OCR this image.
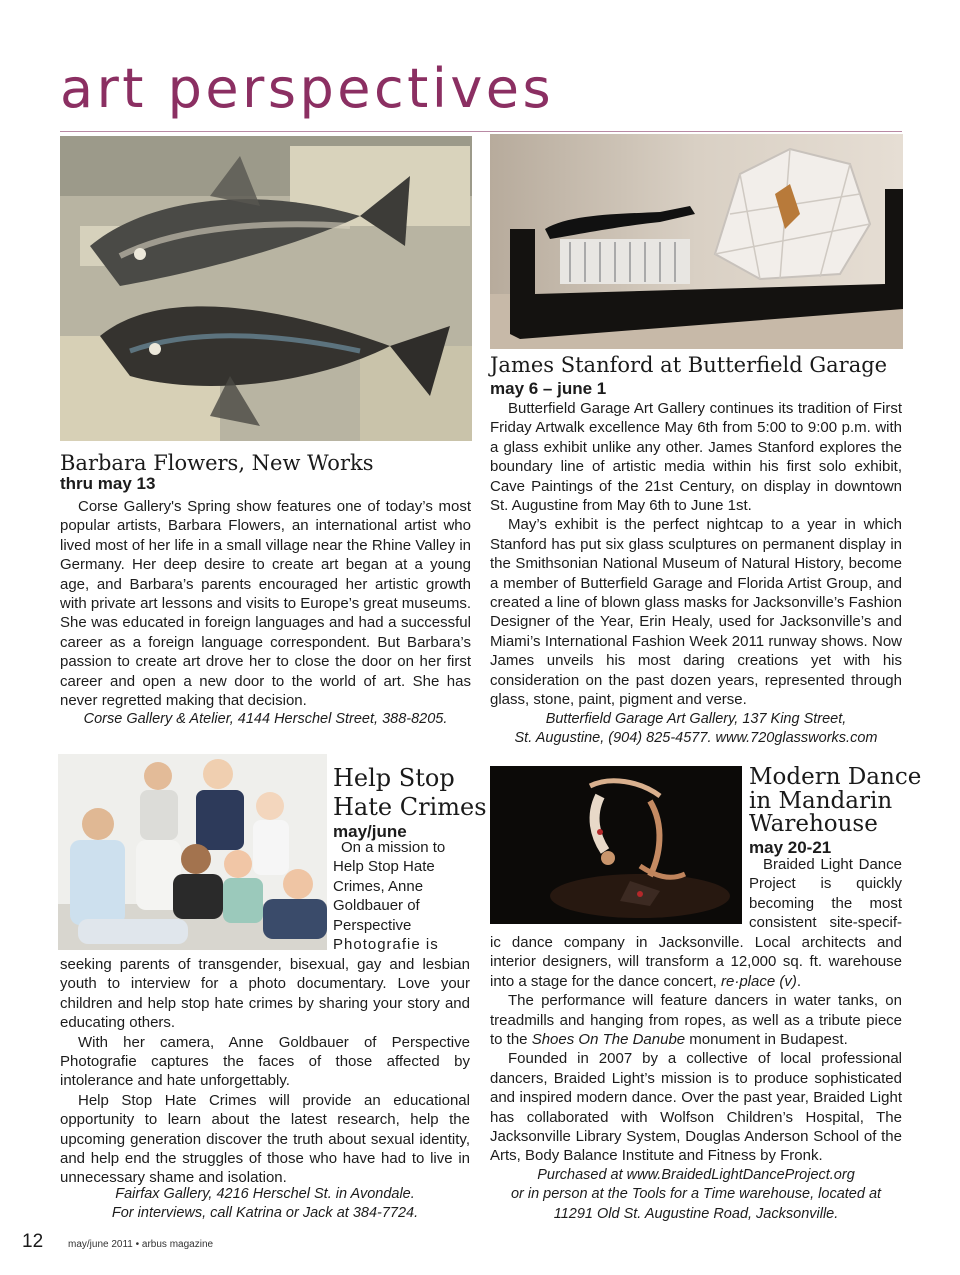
art perspectives
Barbara Flowers, New Works
thru may 13

Corse Gallery's Spring show features one of today’s most popular artists, Barbara Flowers, an international artist who lived most of her life in a small village near the Rhine Valley in Germany. Her deep desire to create art began at a young age, and Barbara’s parents encouraged her artistic growth with private art lessons and visits to Europe’s great museums. She was educated in foreign languages and had a successful career as a foreign language correspondent. But Barbara’s passion to create art drove her to close the door on her first career and open a new door to the world of art. She has never regretted making that decision.

Corse Gallery & Atelier, 4144 Herschel Street, 388-8205.
James Stanford at Butterfield Garage
may 6 – june 1

Butterfield Garage Art Gallery continues its tradition of First Friday Artwalk excellence May 6th from 5:00 to 9:00 p.m. with a glass exhibit unlike any other. James Stanford explores the boundary line of artistic media within his first solo exhibit, Cave Paintings of the 21st Century, on display in downtown St. Augustine from May 6th to June 1st.

May’s exhibit is the perfect nightcap to a year in which Stanford has put six glass sculptures on permanent display in the Smithsonian National Museum of Natural History, become a member of Butterfield Garage and Florida Artist Group, and created a line of blown glass masks for Jacksonville’s Fashion Designer of the Year, Erin Healy, used for Jacksonville’s and Miami’s International Fashion Week 2011 runway shows. Now James unveils his most daring creations yet with his consideration on the past dozen years, represented through glass, stone, paint, pigment and verse.

Butterfield Garage Art Gallery, 137 King Street,
St. Augustine, (904) 825-4577. www.720glassworks.com
Help Stop
Hate Crimes
may/june
On a mission to
Help Stop Hate
Crimes, Anne
Goldbauer of
Perspective
Photografie is
seeking parents of transgender, bisexual, gay and lesbian youth to interview for a photo documentary. Love your children and help stop hate crimes by sharing your story and educating others.

With her camera, Anne Goldbauer of Perspective Photografie captures the faces of those affected by intolerance and hate unforgettably.

Help Stop Hate Crimes will provide an educational opportunity to learn about the latest research, help the upcoming generation discover the truth about sexual identity, and help end the struggles of those who have had to live in unnecessary shame and isolation.

Fairfax Gallery, 4216 Herschel St. in Avondale.
For interviews, call Katrina or Jack at 384-7724.
Modern Dance
in Mandarin
Warehouse
may 20-21
Braided Light Dance
Project is quickly
becoming the most
consistent site-specif-
ic dance company in Jacksonville. Local architects and interior designers, will transform a 12,000 sq. ft. warehouse into a stage for the dance concert, re·place (v).

The performance will feature dancers in water tanks, on treadmills and hanging from ropes, as well as a tribute piece to the Shoes On The Danube monument in Budapest.

Founded in 2007 by a collective of local professional dancers, Braided Light’s mission is to produce sophisticated and inspired modern dance. Over the past year, Braided Light has collaborated with Wolfson Children’s Hospital, The Jacksonville Library System, Douglas Anderson School of the Arts, Body Balance Institute and Fitness by Fronk.

Purchased at www.BraidedLightDanceProject.org
or in person at the Tools for a Time warehouse, located at
11291 Old St. Augustine Road, Jacksonville.
12 may/june 2011 • arbus magazine
